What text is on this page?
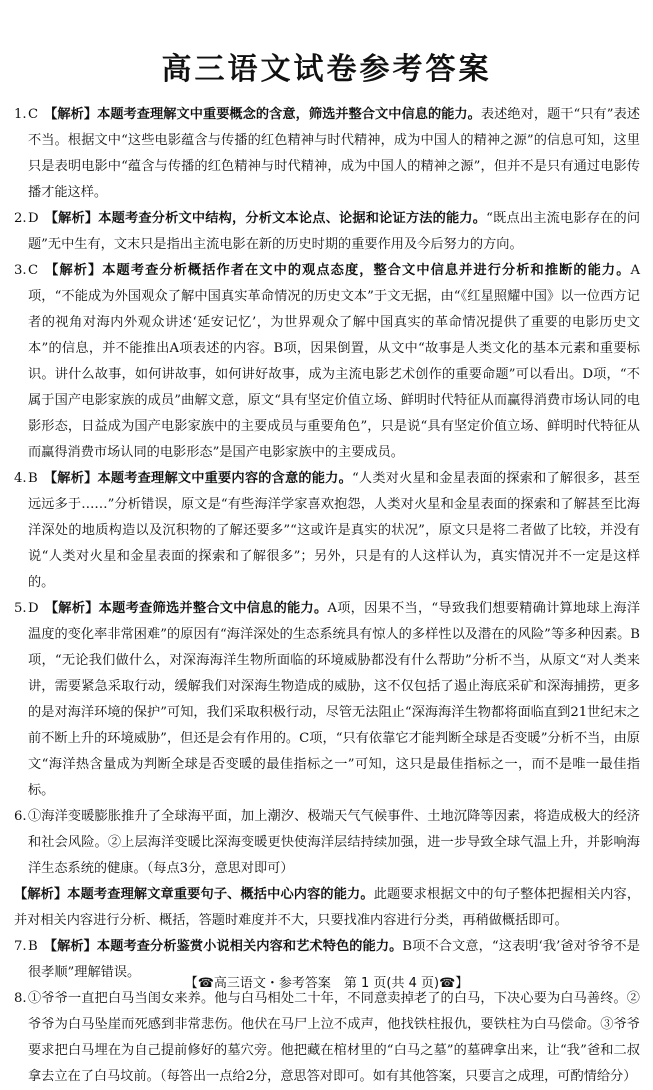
高三语文试卷参考答案
1. C 【解析】本题考查理解文中重要概念的含意，筛选并整合文中信息的能力。表述绝对，题干“只有”表述不当。根据文中“这些电影蕴含与传播的红色精神与时代精神，成为中国人的精神之源”的信息可知，这里只是表明电影中“蕴含与传播的红色精神与时代精神，成为中国人的精神之源”，但并不是只有通过电影传播才能这样。
2. D 【解析】本题考查分析文中结构，分析文本论点、论据和论证方法的能力。“既点出主流电影存在的问题”无中生有，文末只是指出主流电影在新的历史时期的重要作用及今后努力的方向。
3. C 【解析】本题考查分析概括作者在文中的观点态度，整合文中信息并进行分析和推断的能力。A项，“不能成为外国观众了解中国真实革命情况的历史文本”于文无据，由“《红星照耀中国》以一位西方记者的视角对海内外观众讲述‘延安记忆’，为世界观众了解中国真实的革命情况提供了重要的电影历史文本”的信息，并不能推出A项表述的内容。B项，因果倒置，从文中“故事是人类文化的基本元素和重要标识。讲什么故事，如何讲故事，如何讲好故事，成为主流电影艺术创作的重要命题”可以看出。D项，“不属于国产电影家族的成员”曲解文意，原文“具有坚定价值立场、鲜明时代特征从而赢得消费市场认同的电影形态，日益成为国产电影家族中的主要成员与重要角色”，只是说“具有坚定价值立场、鲜明时代特征从而赢得消费市场认同的电影形态”是国产电影家族中的主要成员。
4. B 【解析】本题考查理解文中重要内容的含意的能力。“人类对火星和金星表面的探索和了解很多，甚至远远多于……”分析错误，原文是“有些海洋学家喜欢抱怨，人类对火星和金星表面的探索和了解甚至比海洋深处的地质构造以及沉积物的了解还要多”“这或许是真实的状况”，原文只是将二者做了比较，并没有说“人类对火星和金星表面的探索和了解很多”；另外，只是有的人这样认为，真实情况并不一定是这样的。
5. D 【解析】本题考查筛选并整合文中信息的能力。A项，因果不当，“导致我们想要精确计算地球上海洋温度的变化率非常困难”的原因有“海洋深处的生态系统具有惊人的多样性以及潜在的风险”等多种因素。B项，“无论我们做什么，对深海海洋生物所面临的环境威胁都没有什么帮助”分析不当，从原文“对人类来讲，需要紧急采取行动，缓解我们对深海生物造成的威胁，这不仅包括了遏止海底采矿和深海捕捞，更多的是对海洋环境的保护”可知，我们采取积极行动，尽管无法阻止“深海海洋生物都将面临直到21世纪末之前不断上升的环境威胁”，但还是会有作用的。C项，“只有依靠它才能判断全球是否变暖”分析不当，由原文“海洋热含量成为判断全球是否变暖的最佳指标之一”可知，这只是最佳指标之一，而不是唯一最佳指标。
6. ①海洋变暖膨胀推升了全球海平面，加上潮汐、极端天气气候事件、土地沉降等因素，将造成极大的经济和社会风险。②上层海洋变暖比深海变暖更快使海洋层结持续加强，进一步导致全球气温上升，并影响海洋生态系统的健康。（每点3分，意思对即可）

【解析】本题考查理解文章重要句子、概括中心内容的能力。此题要求根据文中的句子整体把握相关内容，并对相关内容进行分析、概括，答题时难度并不大，只要找准内容进行分类，再稍做概括即可。

7. B 【解析】本题考查分析鉴赏小说相关内容和艺术特色的能力。B项不合文意，“这表明‘我’爸对爷爷不是很孝顺”理解错误。
8. ①爷爷一直把白马当闺女来养。他与白马相处二十年，不同意卖掉老了的白马，下决心要为白马善终。②爷爷为白马坠崖而死感到非常悲伤。他伏在马尸上泣不成声，他找铁柱报仇，要铁柱为白马偿命。③爷爷要求把白马埋在为自己提前修好的墓穴旁。他把藏在棺材里的“白马之墓”的墓碑拿出来，让“我”爸和二叔拿去立在了白马坟前。（每答出一点给2分，意思答对即可。如有其他答案，只要言之成理，可酌情给分）
【☎高三语文・参考答案　第 1 页(共 4 页)☎】
